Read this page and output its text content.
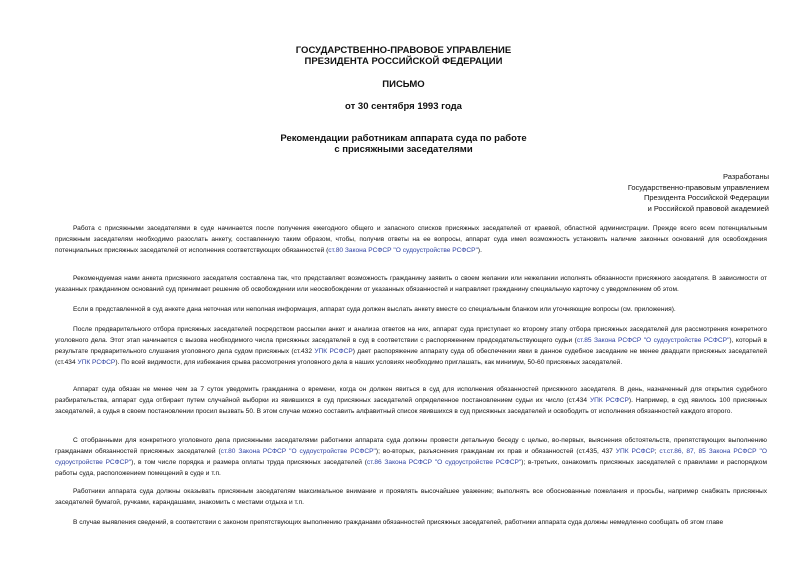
ГОСУДАРСТВЕННО-ПРАВОВОЕ УПРАВЛЕНИЕ
ПРЕЗИДЕНТА РОССИЙСКОЙ ФЕДЕРАЦИИ
ПИСЬМО
от 30 сентября 1993 года
Рекомендации работникам аппарата суда по работе
с присяжными заседателями
Разработаны
Государственно-правовым управлением
Президента Российской Федерации
и Российской правовой академией

Работа с присяжными заседателями в суде начинается после получения ежегодного общего и запасного списков присяжных заседателей от краевой, областной администрации. Прежде всего всем потенциальным присяжным заседателям необходимо разослать анкету, составленную таким образом, чтобы, получив ответы на ее вопросы, аппарат суда имел возможность установить наличие законных оснований для освобождения потенциальных присяжных заседателей от исполнения соответствующих обязанностей (ст.80 Закона РСФСР "О судоустройстве РСФСР").

Рекомендуемая нами анкета присяжного заседателя составлена так, что представляет возможность гражданину заявить о своем желании или нежелании исполнять обязанности присяжного заседателя. В зависимости от указанных гражданином оснований суд принимает решение об освобождении или неосвобождении от указанных обязанностей и направляет гражданину специальную карточку с уведомлением об этом.

Если в представленной в суд анкете дана неточная или неполная информация, аппарат суда должен выслать анкету вместе со специальным бланком или уточняющие вопросы (см. приложения).

После предварительного отбора присяжных заседателей посредством рассылки анкет и анализа ответов на них, аппарат суда приступает ко второму этапу отбора присяжных заседателей для рассмотрения конкретного уголовного дела. Этот этап начинается с вызова необходимого числа присяжных заседателей в суд в соответствии с распоряжением председательствующего судьи (ст.85 Закона РСФСР "О судоустройстве РСФСР"), который в результате предварительного слушания уголовного дела судом присяжных (ст.432 УПК РСФСР) дает распоряжение аппарату суда об обеспечении явки в данное судебное заседание не менее двадцати присяжных заседателей (ст.434 УПК РСФСР). По всей видимости, для избежания срыва рассмотрения уголовного дела в наших условиях необходимо приглашать, как минимум, 50-60 присяжных заседателей.

Аппарат суда обязан не менее чем за 7 суток уведомить гражданина о времени, когда он должен явиться в суд для исполнения обязанностей присяжного заседателя. В день, назначенный для открытия судебного разбирательства, аппарат суда отбирает путем случайной выборки из явившихся в суд присяжных заседателей определенное постановлением судьи их число (ст.434 УПК РСФСР). Например, в суд явилось 100 присяжных заседателей, а судья в своем постановлении просил вызвать 50. В этом случае можно составить алфавитный список явившихся в суд присяжных заседателей и освободить от исполнения обязанностей каждого второго.

С отобранными для конкретного уголовного дела присяжными заседателями работники аппарата суда должны провести детальную беседу с целью, во-первых, выяснения обстоятельств, препятствующих выполнению гражданами обязанностей присяжных заседателей (ст.80 Закона РСФСР "О судоустройстве РСФСР"); во-вторых, разъяснения гражданам их прав и обязанностей (ст.435, 437 УПК РСФСР; ст.ст.86, 87, 85 Закона РСФСР "О судоустройстве РСФСР"), в том числе порядка и размера оплаты труда присяжных заседателей (ст.86 Закона РСФСР "О судоустройстве РСФСР"); в-третьих, ознакомить присяжных заседателей с правилами и распорядком работы суда, расположением помещений в суде и т.п.

Работники аппарата суда должны оказывать присяжным заседателям максимальное внимание и проявлять высочайшее уважение; выполнять все обоснованные пожелания и просьбы, например снабжать присяжных заседателей бумагой, ручками, карандашами, знакомить с местами отдыха и т.п.

В случае выявления сведений, в соответствии с законом препятствующих выполнению гражданами обязанностей присяжных заседателей, работники аппарата суда должны немедленно сообщать об этом главе
